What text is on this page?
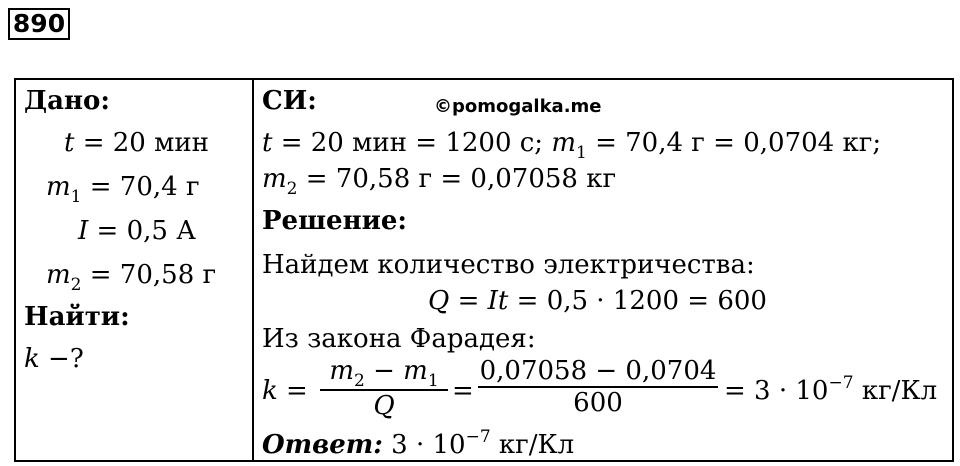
890
Дано:
t = 20 мин
$m_1 = 70,4$ г
I = 0,5 А
$m_2 = 70,58$ г
Найти:
k −?
СИ:	©pomogalka.me
t = 20 мин = 1200 с; $m_1 = 70,4$ г = 0,0704 кг;
$m_2 = 70,58$ г = 0,07058 кг
Решение:
Найдем количество электричества:
Q = It = 0,5 · 1200 = 600
Из закона Фарадея:
k =
$m_2 - m_1$
Q	=
0,07058 − 0,0704
600	= $3 \cdot 10^{-7}$ кг/Кл
Ответ: $3 \cdot 10^{-7}$ кг/Кл
